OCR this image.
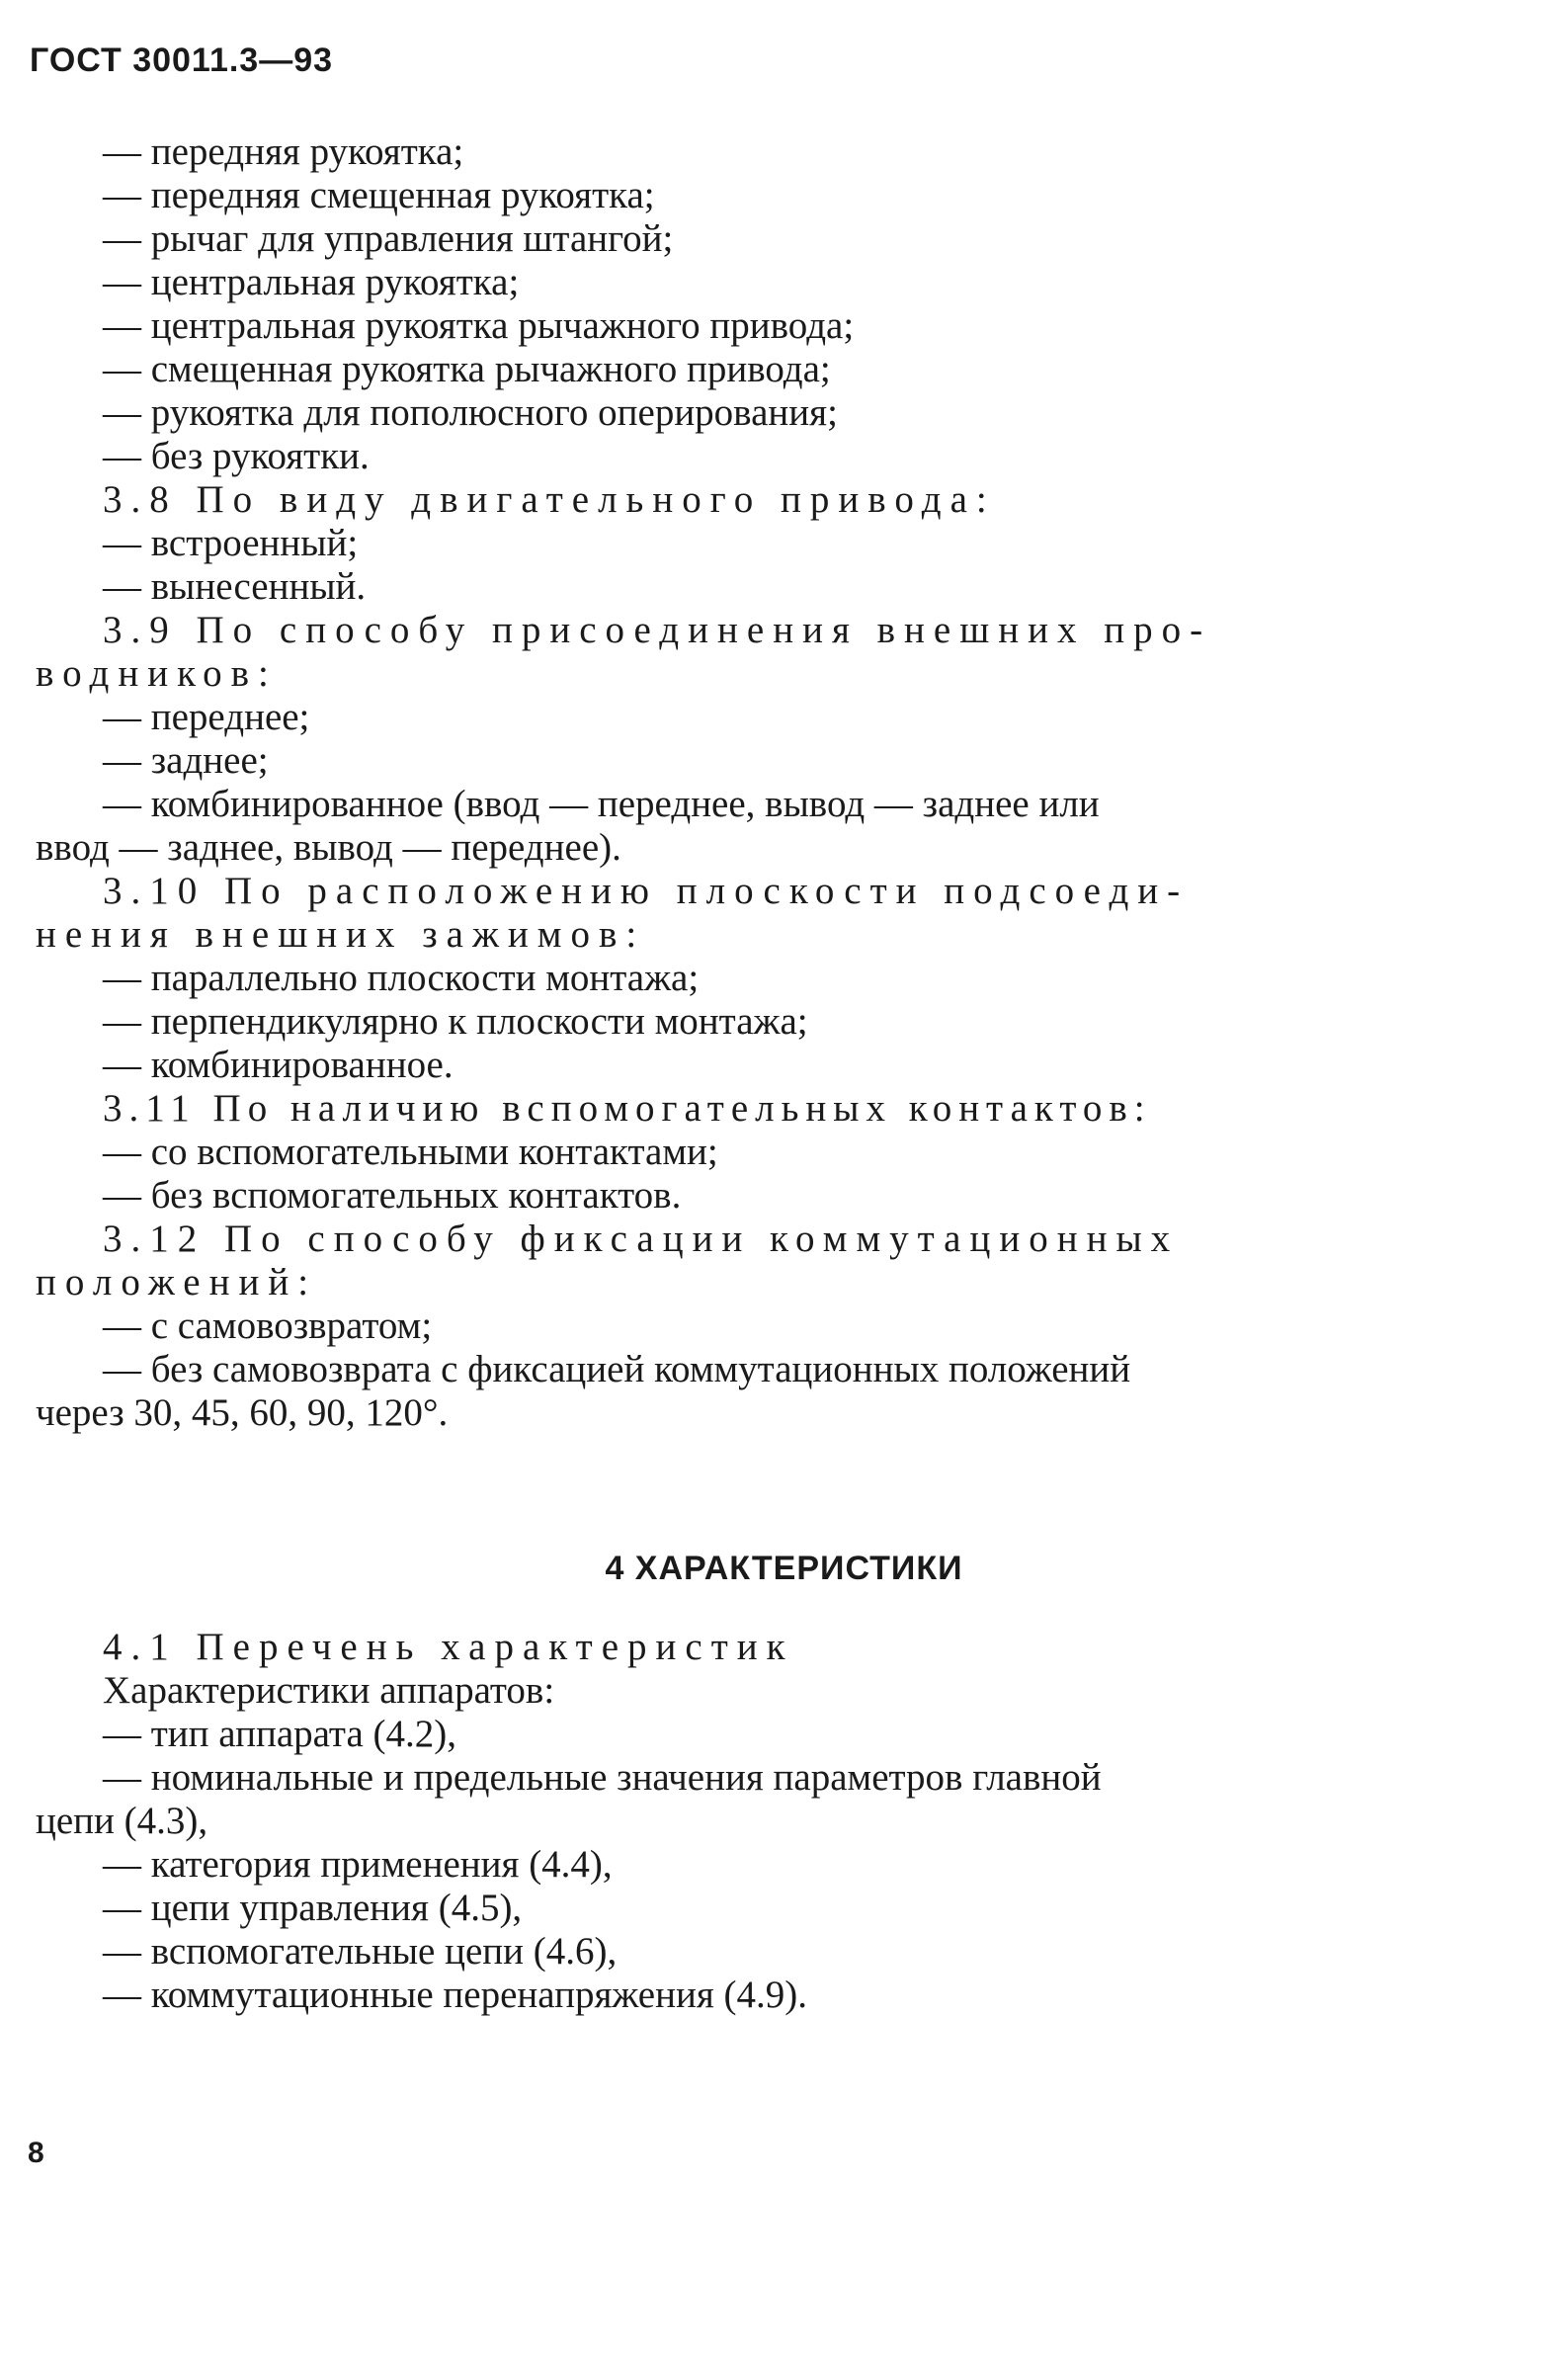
ГОСТ 30011.3—93
— передняя рукоятка;
— передняя смещенная рукоятка;
— рычаг для управления штангой;
— центральная рукоятка;
— центральная рукоятка рычажного привода;
— смещенная рукоятка рычажного привода;
— рукоятка для пополюсного оперирования;
— без рукоятки.
3.8 По виду двигательного привода:
— встроенный;
— вынесенный.
3.9 По способу присоединения внешних про-
водников:
— переднее;
— заднее;
— комбинированное (ввод — переднее, вывод — заднее или
ввод — заднее, вывод — переднее).
3.10 По расположению плоскости подсоеди-
нения внешних зажимов:
— параллельно плоскости монтажа;
— перпендикулярно к плоскости монтажа;
— комбинированное.
3.11 По наличию вспомогательных контактов:
— со вспомогательными контактами;
— без вспомогательных контактов.
3.12 По способу фиксации коммутационных
положений:
— с самовозвратом;
— без самовозврата с фиксацией коммутационных положений
через 30, 45, 60, 90, 120°.
4 ХАРАКТЕРИСТИКИ
4.1 Перечень характеристик
Характеристики аппаратов:
— тип аппарата (4.2),
— номинальные и предельные значения параметров главной
цепи (4.3),
— категория применения (4.4),
— цепи управления (4.5),
— вспомогательные цепи (4.6),
— коммутационные перенапряжения (4.9).
8
